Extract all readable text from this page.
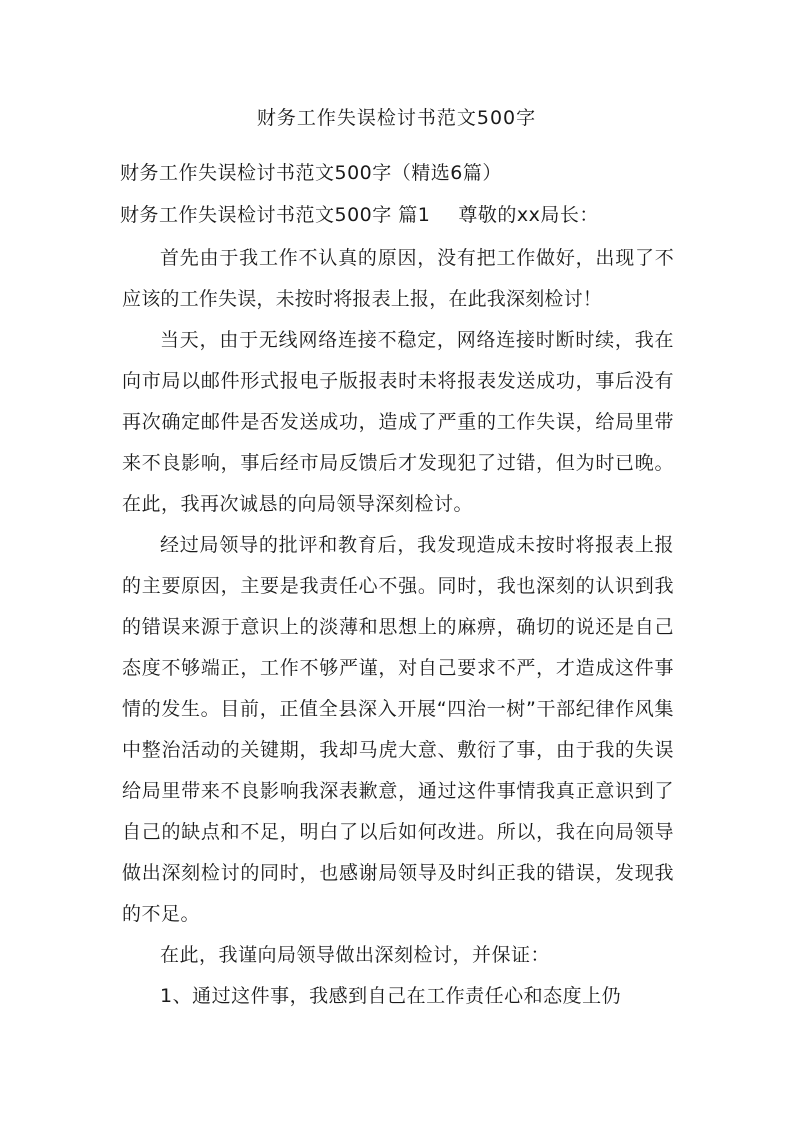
财务工作失误检讨书范文500字

财务工作失误检讨书范文500字（精选6篇）

财务工作失误检讨书范文500字 篇1 尊敬的xx局长：

首先由于我工作不认真的原因，没有把工作做好，出现了不应该的工作失误，未按时将报表上报，在此我深刻检讨！

当天，由于无线网络连接不稳定，网络连接时断时续，我在向市局以邮件形式报电子版报表时未将报表发送成功，事后没有再次确定邮件是否发送成功，造成了严重的工作失误，给局里带来不良影响，事后经市局反馈后才发现犯了过错，但为时已晚。在此，我再次诚恳的向局领导深刻检讨。

经过局领导的批评和教育后，我发现造成未按时将报表上报的主要原因，主要是我责任心不强。同时，我也深刻的认识到我的错误来源于意识上的淡薄和思想上的麻痹，确切的说还是自己态度不够端正，工作不够严谨，对自己要求不严，才造成这件事情的发生。目前，正值全县深入开展“四治一树”干部纪律作风集中整治活动的关键期，我却马虎大意、敷衍了事，由于我的失误给局里带来不良影响我深表歉意，通过这件事情我真正意识到了自己的缺点和不足，明白了以后如何改进。所以，我在向局领导做出深刻检讨的同时，也感谢局领导及时纠正我的错误，发现我的不足。

在此，我谨向局领导做出深刻检讨，并保证：

1、通过这件事，我感到自己在工作责任心和态度上仍
